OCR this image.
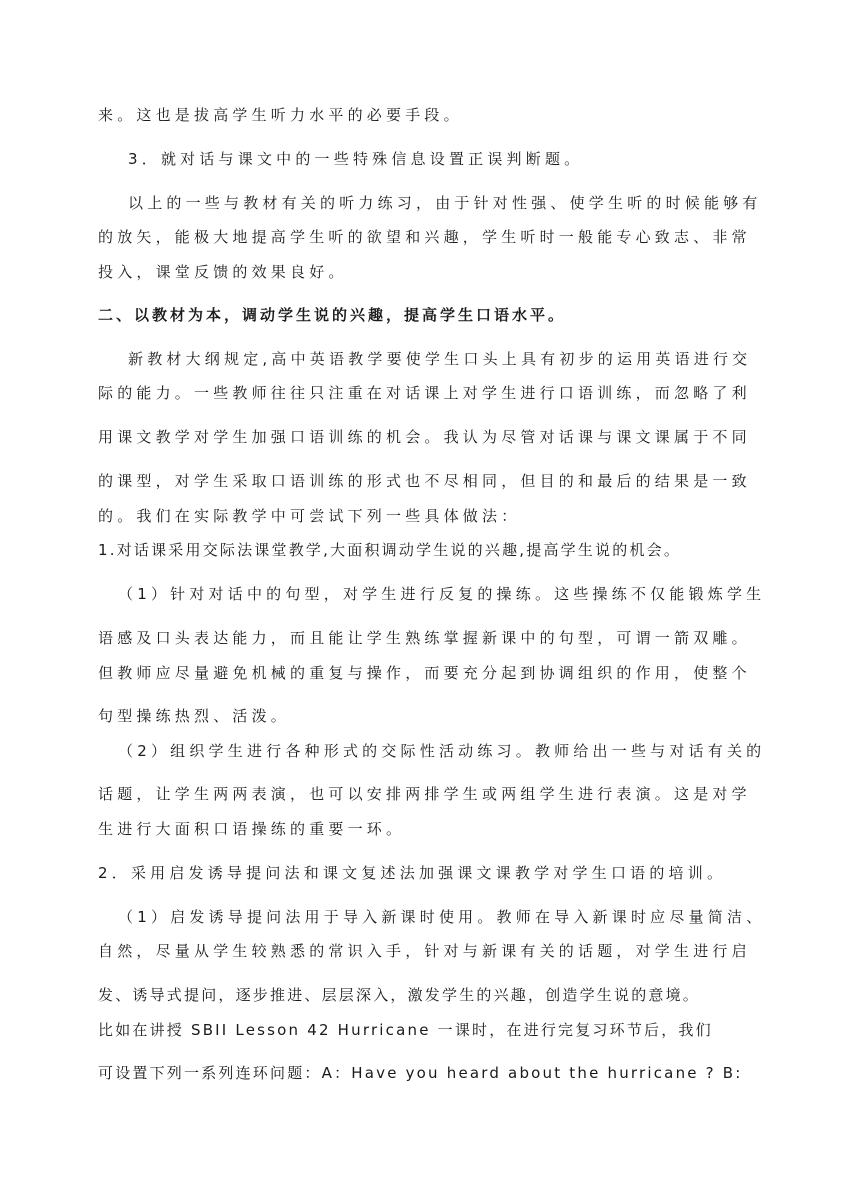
来。这也是拔高学生听力水平的必要手段。
3．就对话与课文中的一些特殊信息设置正误判断题。
以上的一些与教材有关的听力练习，由于针对性强、使学生听的时候能够有
的放矢，能极大地提高学生听的欲望和兴趣，学生听时一般能专心致志、非常
投入，课堂反馈的效果良好。
二、以教材为本，调动学生说的兴趣，提高学生口语水平。
新教材大纲规定,高中英语教学要使学生口头上具有初步的运用英语进行交
际的能力。一些教师往往只注重在对话课上对学生进行口语训练，而忽略了利
用课文教学对学生加强口语训练的机会。我认为尽管对话课与课文课属于不同
的课型，对学生采取口语训练的形式也不尽相同，但目的和最后的结果是一致
的。我们在实际教学中可尝试下列一些具体做法：
1.对话课采用交际法课堂教学,大面积调动学生说的兴趣,提高学生说的机会。
（1）针对对话中的句型，对学生进行反复的操练。这些操练不仅能锻炼学生
语感及口头表达能力，而且能让学生熟练掌握新课中的句型，可谓一箭双雕。
但教师应尽量避免机械的重复与操作，而要充分起到协调组织的作用，使整个
句型操练热烈、活泼。
（2）组织学生进行各种形式的交际性活动练习。教师给出一些与对话有关的
话题，让学生两两表演，也可以安排两排学生或两组学生进行表演。这是对学
生进行大面积口语操练的重要一环。
2．采用启发诱导提问法和课文复述法加强课文课教学对学生口语的培训。
（1）启发诱导提问法用于导入新课时使用。教师在导入新课时应尽量简洁、
自然，尽量从学生较熟悉的常识入手，针对与新课有关的话题，对学生进行启
发、诱导式提问，逐步推进、层层深入，激发学生的兴趣，创造学生说的意境。
比如在讲授 SBII Lesson 42 Hurricane 一课时，在进行完复习环节后，我们
可设置下列一系列连环问题：A：Have you heard about the hurricane ? B:
